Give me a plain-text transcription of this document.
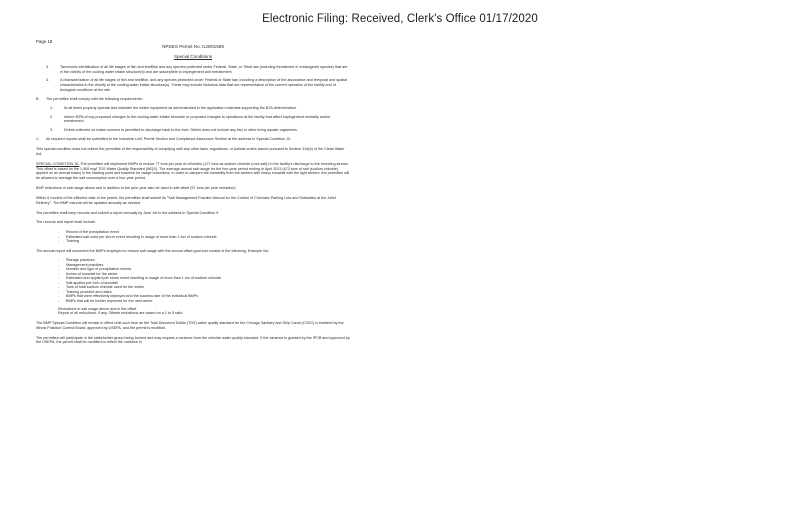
Electronic Filing: Received, Clerk's Office 01/17/2020
Page 18
NPDES Permit No. IL0001589
Special Conditions
3.	Taxonomic identification of all life stages of fish and shellfish and any species protected under Federal, State, or Tribal law (including threatened or endangered species) that are in the vicinity of the cooling water intake structure(s) and are susceptible to impingement and entrainment.
4.	A characterization of all life stages of fish and shellfish, and any species protected under Federal or State law, including a description of the abundance and temporal and spatial characteristics in the vicinity of the cooling water intake structure(s). These may include historical data that are representative of the current operation of the facility and of biological conditions at the site.
B.	The permittee shall comply with the following requirements:
1.	At all times properly operate and maintain the intake equipment as demonstrated in the application materials supporting the BTA determination.
2.	Inform IEPA of any proposed changes to the cooling water intake structure or proposed changes to operations at the facility that affect impingement mortality and/or entrainment.
3.	Debris collected on intake screens is permitted to discharge back to the river. Debris does not include any fish or other living aquatic organisms.
C.	All required reports shall be submitted to the Industrial Unit, Permit Section and Compliance Assurance Section at the address in Special Condition 10.
This special condition does not relieve the permittee of the responsibility of complying with any other laws, regulations, or judicial orders issued pursuant to Section 316(b) of the Clean Water Act.
SPECIAL CONDITION 16. The permittee will implement BMPs to reduce 77 tons per year of chlorides (127 tons as sodium chloride (rock salt)) in the facility's discharge to the receiving stream. This offset is based on the 1,500 mg/l TDS Water Quality Standard (WQS). The average annual salt usage for the four year period ending in April 2013 (473 tons of salt (sodium chloride) applied on an annual basis) is the starting point and baseline for usage reductions. In order to dampen the variability from the winters with heavy snowfall with the light winters, the permittee will be allowed to average the salt consumption over a four year period.
BMP reductions in salt usage above and in addition to the prior year also be used in salt offset (57 tons per year reduction).
Within 6 months of the effective date of the permit, the permittee shall submit its "Salt Management Practice Manual for the Control of Chlorides Parking Lots and Sidewalks at the Joliet Refinery". The BMP manual will be updated annually as needed.
The permittee shall keep records and submit a report annually by June 1st to the address in Special Condition 9.
The records and report shall include:
- Record of the precipitation event
- Estimated salt used per storm event resulting in usage of more than 1 ton of sodium chloride
- Training
The annual report will document the BMPs employed to reduce salt usage with the annual offset goal and consist of the following, Example list:
- Storage practices
- Management practices
- Number and type of precipitation events
- Inches of snowfall for the winter
- Estimated and applied per storm event resulting in usage of more than 1 ton of sodium chloride
- Salt applied per inch of snowfall
- Tons of total sodium chloride used for the winter
- Training provided and dates
- BMPs that were effectively deployed and the success rate of the individual BMPs
- BMPs that will be further improved for the next winter.
Reductions in salt usage above and in the offset
Report of all reductions, if any. Offsets reductions are based on a 1 to 5 ratio.
The BMP Special Condition will remain in effect until such time as the Total Dissolved Solids (TDS) water quality standard for the Chicago Sanitary and Ship Canal (CSSC) is finalized by the Illinois Pollution Control Board, approved by USEPA, and the permit is modified.
The permittee will participate in the stakeholder group being formed and may request a variance from the chloride water quality standard. If the variance is granted by the IPCB and approved by the USEPA, the permit shall be modified to reflect the variance in
